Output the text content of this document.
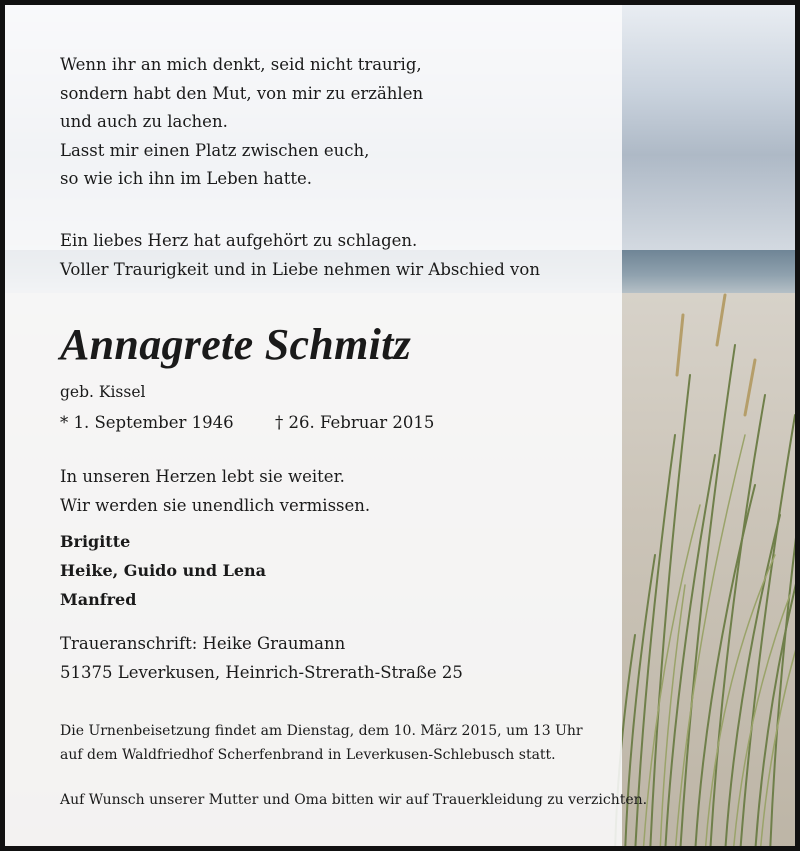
Wenn ihr an mich denkt, seid nicht traurig,
sondern habt den Mut, von mir zu erzählen
und auch zu lachen.
Lasst mir einen Platz zwischen euch,
so wie ich ihn im Leben hatte.
Ein liebes Herz hat aufgehört zu schlagen.
Voller Traurigkeit und in Liebe nehmen wir Abschied von
Annagrete Schmitz
geb. Kissel
* 1. September 1946	† 26. Februar 2015
In unseren Herzen lebt sie weiter.
Wir werden sie unendlich vermissen.
Brigitte
Heike, Guido und Lena
Manfred
Traueranschrift: Heike Graumann
51375 Leverkusen, Heinrich-Strerath-Straße 25
Die Urnenbeisetzung findet am Dienstag, dem 10. März 2015, um 13 Uhr
auf dem Waldfriedhof Scherfenbrand in Leverkusen-Schlebusch statt.
Auf Wunsch unserer Mutter und Oma bitten wir auf Trauerkleidung zu verzichten.
